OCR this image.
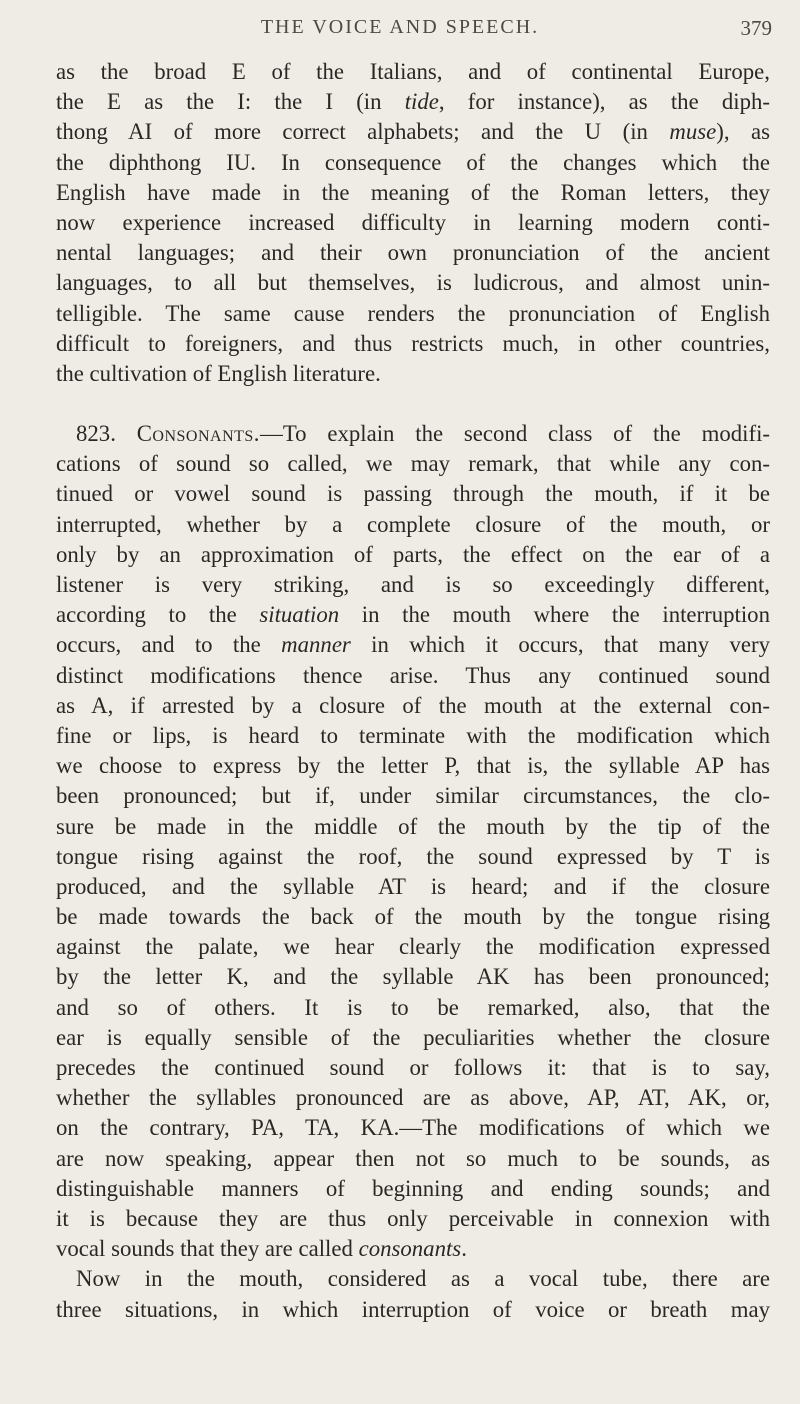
THE VOICE AND SPEECH.	379
as the broad E of the Italians, and of continental Europe,
the E as the I: the I (in tide, for instance), as the diph-
thong AI of more correct alphabets; and the U (in muse), as
the diphthong IU. In consequence of the changes which the
English have made in the meaning of the Roman letters, they
now experience increased difficulty in learning modern conti-
nental languages; and their own pronunciation of the ancient
languages, to all but themselves, is ludicrous, and almost unin-
telligible. The same cause renders the pronunciation of English
difficult to foreigners, and thus restricts much, in other countries,
the cultivation of English literature.
823. Consonants.—To explain the second class of the modifi-
cations of sound so called, we may remark, that while any con-
tinued or vowel sound is passing through the mouth, if it be
interrupted, whether by a complete closure of the mouth, or
only by an approximation of parts, the effect on the ear of a
listener is very striking, and is so exceedingly different,
according to the situation in the mouth where the interruption
occurs, and to the manner in which it occurs, that many very
distinct modifications thence arise. Thus any continued sound
as A, if arrested by a closure of the mouth at the external con-
fine or lips, is heard to terminate with the modification which
we choose to express by the letter P, that is, the syllable AP has
been pronounced; but if, under similar circumstances, the clo-
sure be made in the middle of the mouth by the tip of the
tongue rising against the roof, the sound expressed by T is
produced, and the syllable AT is heard; and if the closure
be made towards the back of the mouth by the tongue rising
against the palate, we hear clearly the modification expressed
by the letter K, and the syllable AK has been pronounced;
and so of others. It is to be remarked, also, that the
ear is equally sensible of the peculiarities whether the closure
precedes the continued sound or follows it: that is to say,
whether the syllables pronounced are as above, AP, AT, AK, or,
on the contrary, PA, TA, KA.—The modifications of which we
are now speaking, appear then not so much to be sounds, as
distinguishable manners of beginning and ending sounds; and
it is because they are thus only perceivable in connexion with
vocal sounds that they are called consonants.
Now in the mouth, considered as a vocal tube, there are
three situations, in which interruption of voice or breath may
